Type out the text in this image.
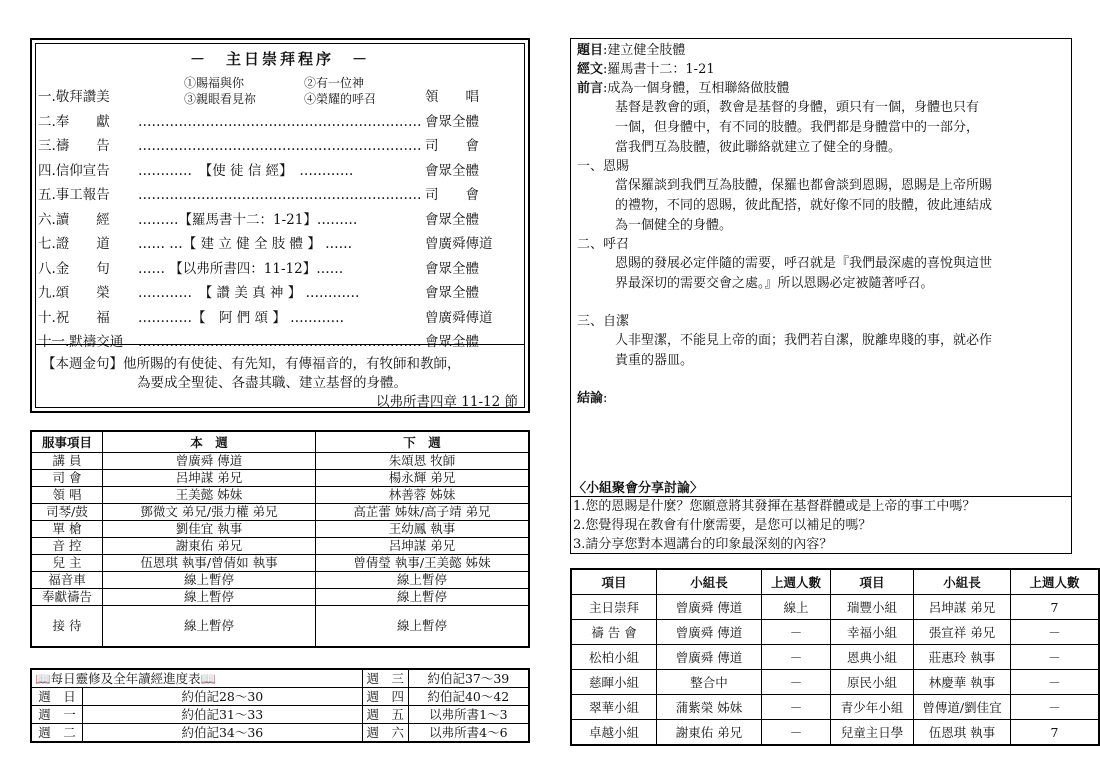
－　主日崇拜程序　－
①賜福與你	②有一位神
③親眼看見祢	④榮耀的呼召
一.敬拜讚美	領　　唱
二.奉　　獻	……………………………………………………… 會眾全體
三.禱　　告	……………………………………………………… 司　　會
四.信仰宣告	…………　【使 徒 信 經】　…………	會眾全體
五.事工報告	……………………………………………………… 司　　會
六.讀　　經	………【羅馬書十二：1-21】………	會眾全體
七.證　　道	…… …【 建 立 健 全 肢 體 】 ……	曾廣舜傳道
八.金　　句	…… 【以弗所書四：11-12】……	會眾全體
九.頌　　榮	…………　【 讚 美 真 神 】 …………	會眾全體
十.祝　　福	…………【　阿 們 頌 】 …………	曾廣舜傳道
十一.默禱交通	……………………………………………………… 會眾全體
【本週金句】他所賜的有使徒、有先知，有傳福音的，有牧師和教師，
為要成全聖徒、各盡其職、建立基督的身體。
以弗所書四章 11-12 節
服事項目	本　週	下　週
講 員	曾廣舜 傳道	朱頌恩 牧師
司 會	呂坤謀 弟兄	楊永輝 弟兄
領 唱	王美懿 姊妹	林善蓉 姊妹
司琴/鼓	鄧微文 弟兄/張力權 弟兄	高芷蕾 姊妹/高子靖 弟兄
單 槍	劉佳宜 執事	王幼鳳 執事
音 控	謝東佑 弟兄	呂坤謀 弟兄
兒 主	伍恩琪 執事/曾倩如 執事	曾倩瑩 執事/王美懿 姊妹
福音車	線上暫停	線上暫停
奉獻禱告	線上暫停	線上暫停
接 待	線上暫停	線上暫停
📖每日靈修及全年讀經進度表📖		週　三	約伯記37～39
週　日	約伯記28～30	週　四	約伯記40～42
週　一	約伯記31～33	週　五	以弗所書1～3
週　二	約伯記34～36	週　六	以弗所書4～6
題目:建立健全肢體
經文:羅馬書十二：1-21
前言:成為一個身體，互相聯絡做肢體
基督是教會的頭，教會是基督的身體，頭只有一個，身體也只有
一個，但身體中，有不同的肢體。我們都是身體當中的一部分，
當我們互為肢體，彼此聯絡就建立了健全的身體。
一、恩賜
當保羅談到我們互為肢體，保羅也都會談到恩賜，恩賜是上帝所賜
的禮物，不同的恩賜，彼此配搭，就好像不同的肢體，彼此連結成
為一個健全的身體。
二、呼召
恩賜的發展必定伴隨的需要，呼召就是『我們最深處的喜悅與這世
界最深切的需要交會之處。』所以恩賜必定被隨著呼召。
三、自潔
人非聖潔，不能見上帝的面；我們若自潔，脫離卑賤的事，就必作
貴重的器皿。
結論:
〈小組聚會分享討論〉
1.您的恩賜是什麼？您願意將其發揮在基督群體或是上帝的事工中嗎？
2.您覺得現在教會有什麼需要，是您可以補足的嗎？
3.請分享您對本週講台的印象最深刻的內容？
項目	小組長	上週人數	項目	小組長	上週人數
主日崇拜	曾廣舜 傳道	線上	瑞豐小組	呂坤謀 弟兄	7
禱 告 會	曾廣舜 傳道	－	幸福小組	張宣祥 弟兄	－
松柏小組	曾廣舜 傳道	－	恩典小組	莊惠玲 執事	－
慈暉小組	整合中	－	原民小組	林慶華 執事	－
翠華小組	蒲紫榮 姊妹	－	青少年小組	曾傳道/劉佳宜	－
卓越小組	謝東佑 弟兄	－	兒童主日學	伍恩琪 執事	7
